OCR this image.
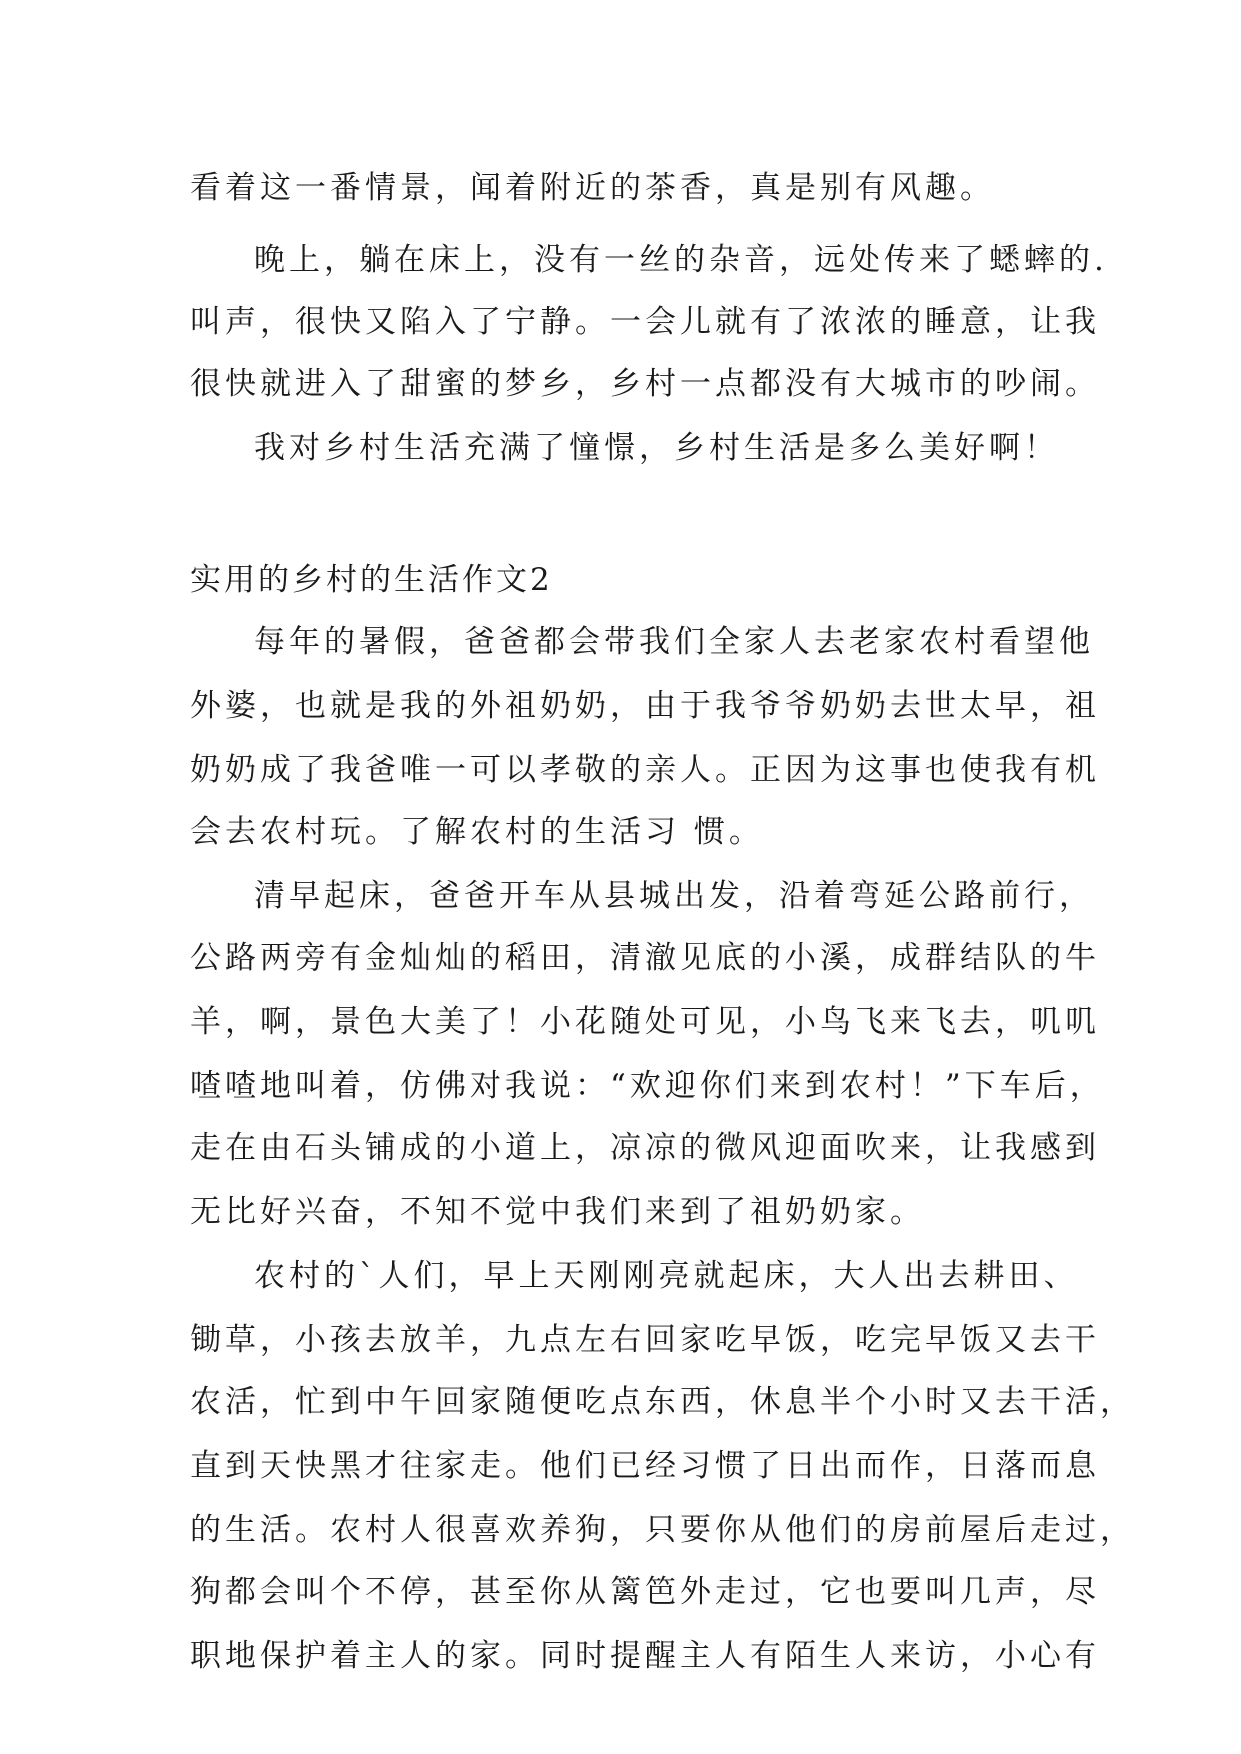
看着这一番情景，闻着附近的茶香，真是别有风趣。
晚上，躺在床上，没有一丝的杂音，远处传来了蟋蟀的.
叫声，很快又陷入了宁静。一会儿就有了浓浓的睡意，让我
很快就进入了甜蜜的梦乡，乡村一点都没有大城市的吵闹。
我对乡村生活充满了憧憬，乡村生活是多么美好啊！
实用的乡村的生活作文2
每年的暑假，爸爸都会带我们全家人去老家农村看望他
外婆，也就是我的外祖奶奶，由于我爷爷奶奶去世太早，祖
奶奶成了我爸唯一可以孝敬的亲人。正因为这事也使我有机
会去农村玩。了解农村的生活习 惯。
清早起床，爸爸开车从县城出发，沿着弯延公路前行，
公路两旁有金灿灿的稻田，清澈见底的小溪，成群结队的牛
羊，啊，景色大美了！小花随处可见，小鸟飞来飞去，叽叽
喳喳地叫着，仿佛对我说：“欢迎你们来到农村！”下车后，
走在由石头铺成的小道上，凉凉的微风迎面吹来，让我感到
无比好兴奋，不知不觉中我们来到了祖奶奶家。
农村的`人们，早上天刚刚亮就起床，大人出去耕田、
锄草，小孩去放羊，九点左右回家吃早饭，吃完早饭又去干
农活，忙到中午回家随便吃点东西，休息半个小时又去干活，
直到天快黑才往家走。他们已经习惯了日出而作，日落而息
的生活。农村人很喜欢养狗，只要你从他们的房前屋后走过，
狗都会叫个不停，甚至你从篱笆外走过，它也要叫几声，尽
职地保护着主人的家。同时提醒主人有陌生人来访，小心有
